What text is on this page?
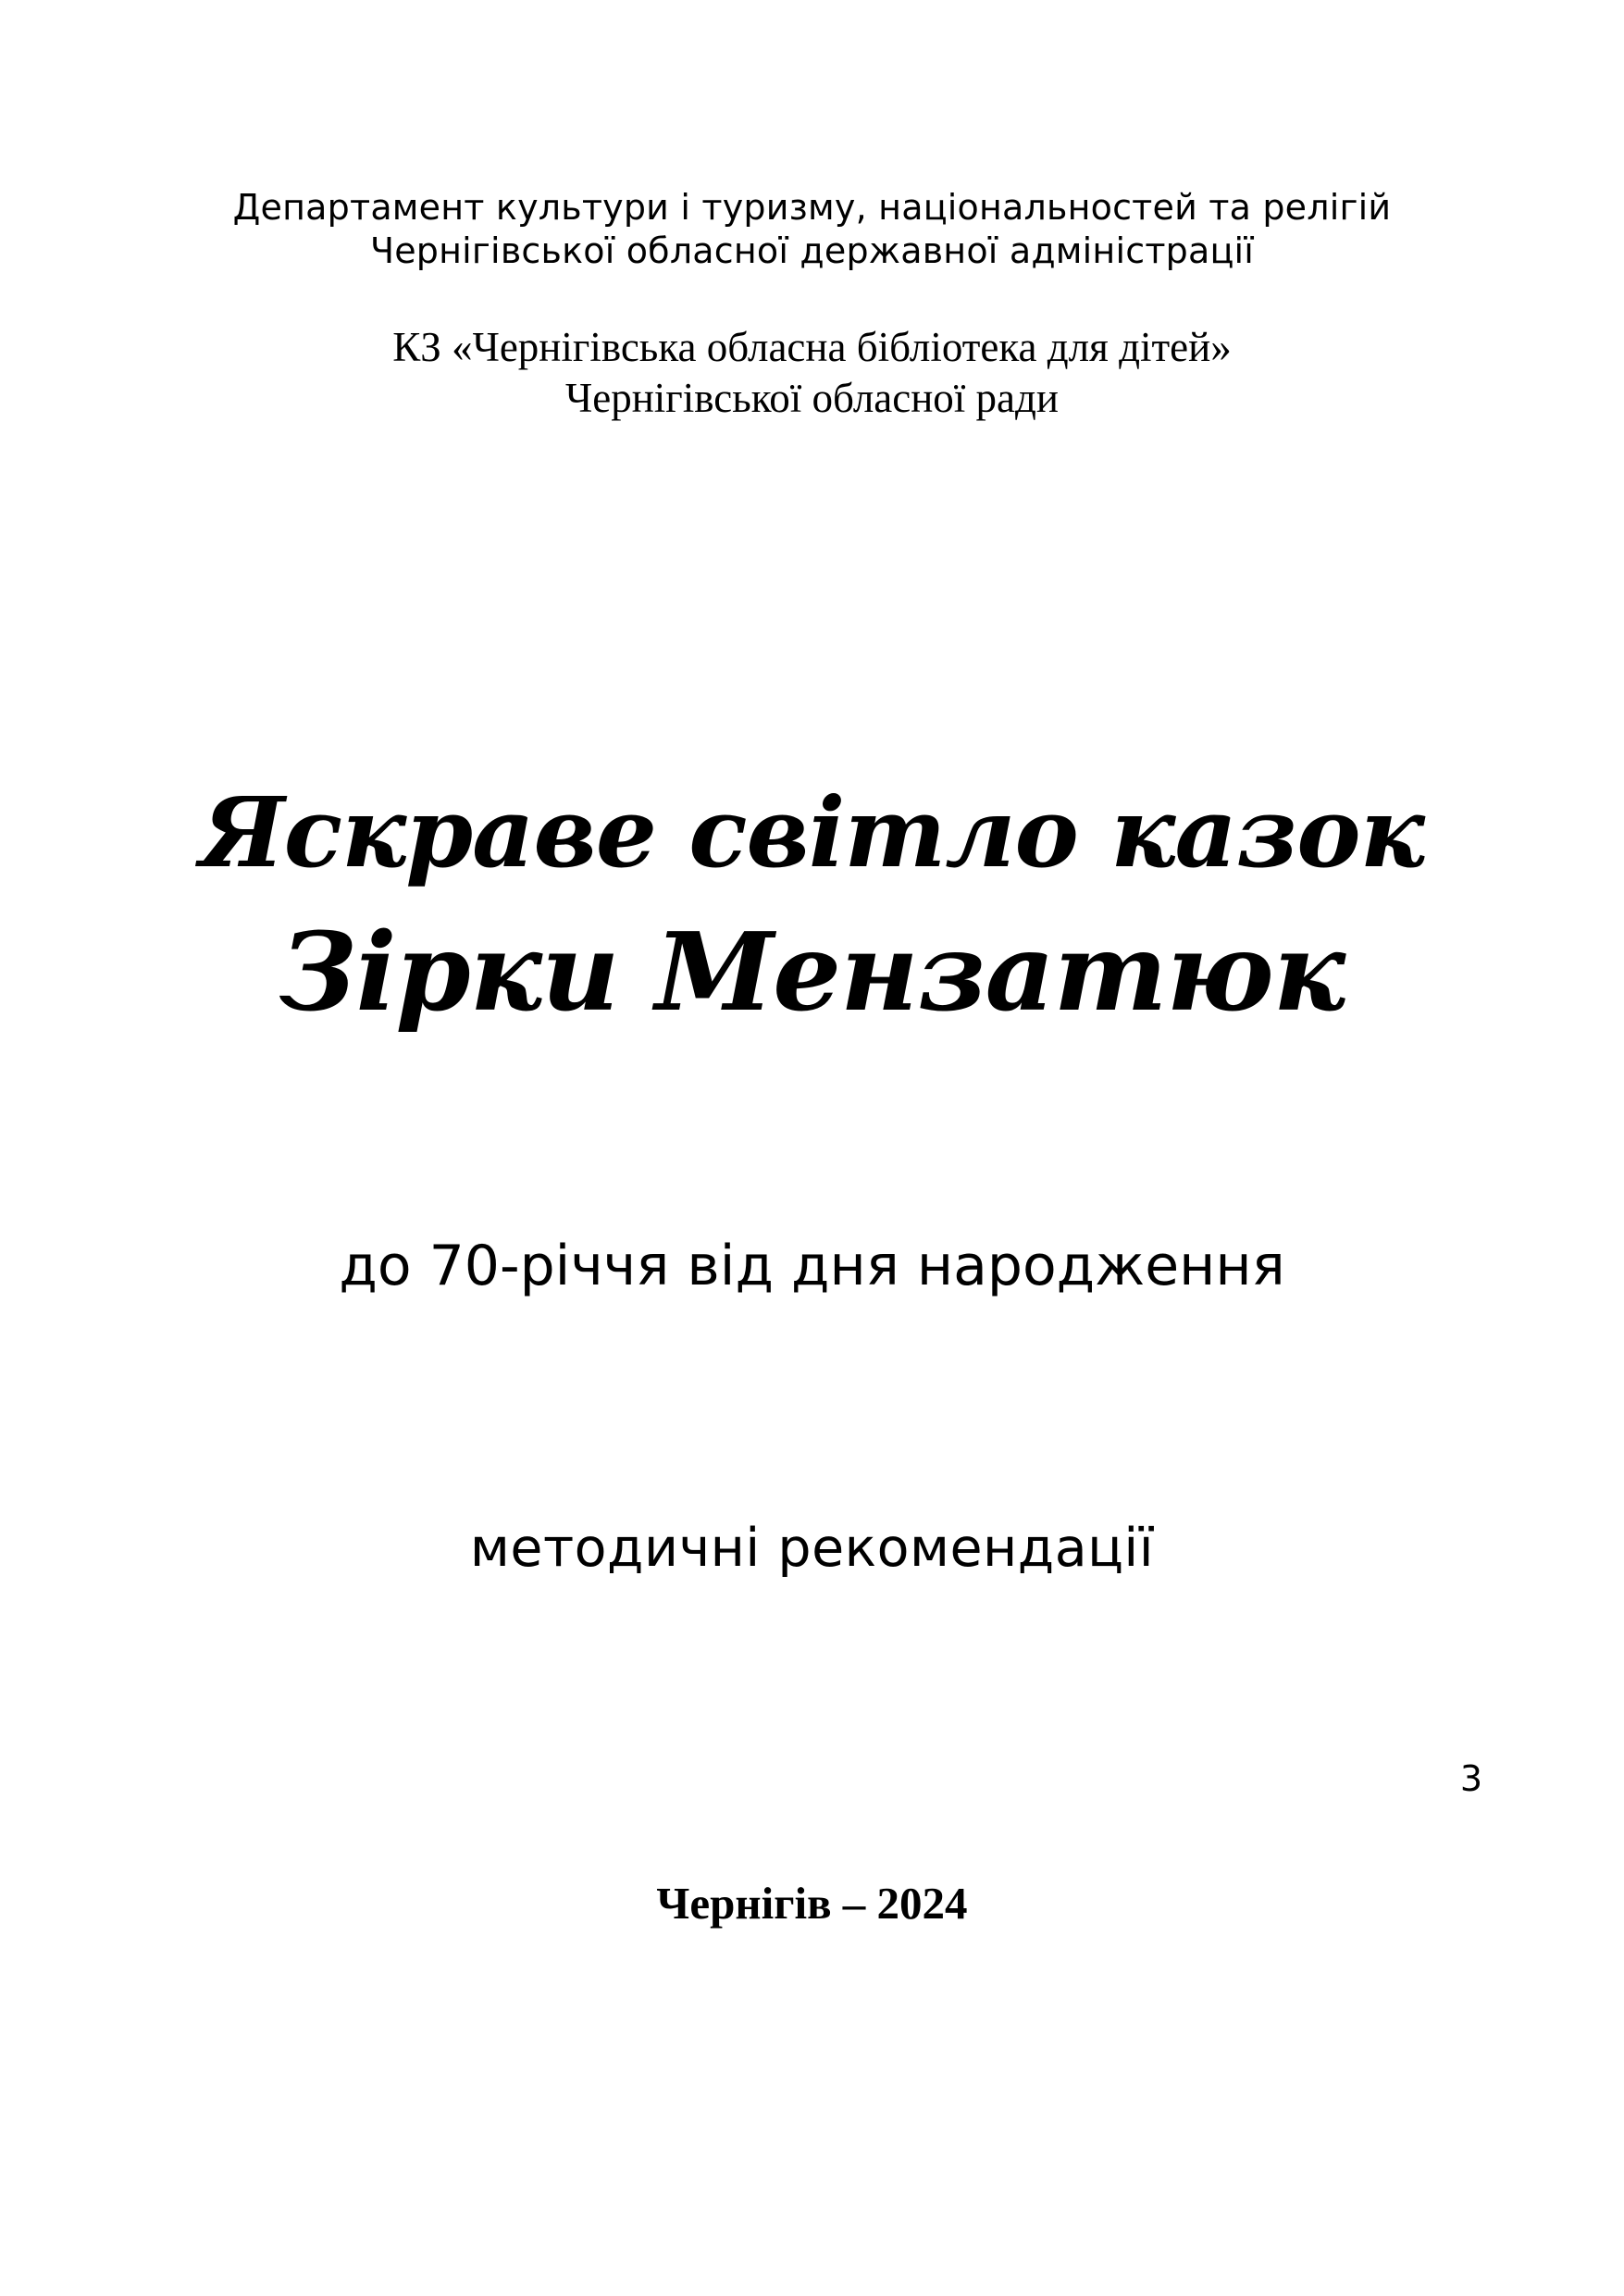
Департамент культури і туризму, національностей та релігій
Чернігівської обласної державної адміністрації
КЗ «Чернігівська обласна бібліотека для дітей»
Чернігівської обласної ради
Яскраве світло казок
Зірки Мензатюк
до 70-річчя від дня народження
методичні рекомендації
Чернігів – 2024
3
